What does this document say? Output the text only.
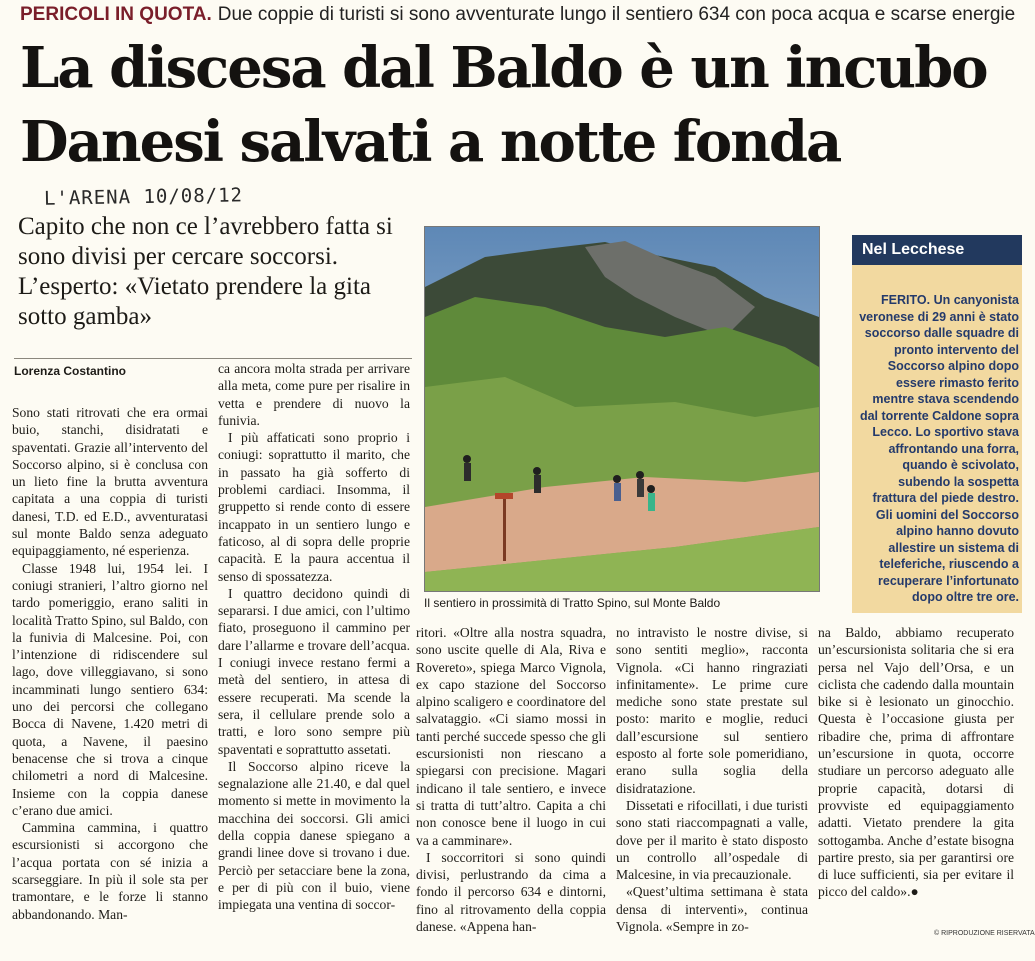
PERICOLI IN QUOTA. Due coppie di turisti si sono avventurate lungo il sentiero 634 con poca acqua e scarse energie
La discesa dal Baldo è un incubo
Danesi salvati a notte fonda
L'ARENA 10/08/12
Capito che non ce l’avrebbero fatta si sono divisi per cercare soccorsi. L’esperto: «Vietato prendere la gita sotto gamba»
Lorenza Costantino

Sono stati ritrovati che era ormai buio, stanchi, disidratati e spaventati. Grazie all’intervento del Soccorso alpino, si è conclusa con un lieto fine la brutta avventura capitata a una coppia di turisti danesi, T.D. ed E.D., avventuratasi sul monte Baldo senza adeguato equipaggiamento, né esperienza.

Classe 1948 lui, 1954 lei. I coniugi stranieri, l’altro giorno nel tardo pomeriggio, erano saliti in località Tratto Spino, sul Baldo, con la funivia di Malcesine. Poi, con l’intenzione di ridiscendere sul lago, dove villeggiavano, si sono incamminati lungo sentiero 634: uno dei percorsi che collegano Bocca di Navene, 1.420 metri di quota, a Navene, il paesino benacense che si trova a cinque chilometri a nord di Malcesine. Insieme con la coppia danese c’erano due amici.

Cammina cammina, i quattro escursionisti si accorgono che l’acqua portata con sé inizia a scarseggiare. In più il sole sta per tramontare, e le forze li stanno abbandonando. Man-

ca ancora molta strada per arrivare alla meta, come pure per risalire in vetta e prendere di nuovo la funivia.

I più affaticati sono proprio i coniugi: soprattutto il marito, che in passato ha già sofferto di problemi cardiaci. Insomma, il gruppetto si rende conto di essere incappato in un sentiero lungo e faticoso, al di sopra delle proprie capacità. E la paura accentua il senso di spossatezza.

I quattro decidono quindi di separarsi. I due amici, con l’ultimo fiato, proseguono il cammino per dare l’allarme e trovare dell’acqua. I coniugi invece restano fermi a metà del sentiero, in attesa di essere recuperati. Ma scende la sera, il cellulare prende solo a tratti, e loro sono sempre più spaventati e soprattutto assetati.

Il Soccorso alpino riceve la segnalazione alle 21.40, e dal quel momento si mette in movimento la macchina dei soccorsi. Gli amici della coppia danese spiegano a grandi linee dove si trovano i due. Perciò per setacciare bene la zona, e per di più con il buio, viene impiegata una ventina di soccor-

Il sentiero in prossimità di Tratto Spino, sul Monte Baldo

ritori. «Oltre alla nostra squadra, sono uscite quelle di Ala, Riva e Rovereto», spiega Marco Vignola, ex capo stazione del Soccorso alpino scaligero e coordinatore del salvataggio. «Ci siamo mossi in tanti perché succede spesso che gli escursionisti non riescano a spiegarsi con precisione. Magari indicano il tale sentiero, e invece si tratta di tutt’altro. Capita a chi non conosce bene il luogo in cui va a camminare».

I soccorritori si sono quindi divisi, perlustrando da cima a fondo il percorso 634 e dintorni, fino al ritrovamento della coppia danese. «Appena han-

no intravisto le nostre divise, si sono sentiti meglio», racconta Vignola. «Ci hanno ringraziati infinitamente». Le prime cure mediche sono state prestate sul posto: marito e moglie, reduci dall’escursione sul sentiero esposto al forte sole pomeridiano, erano sulla soglia della disidratazione.

Dissetati e rifocillati, i due turisti sono stati riaccompagnati a valle, dove per il marito è stato disposto un controllo all’ospedale di Malcesine, in via precauzionale.

«Quest’ultima settimana è stata densa di interventi», continua Vignola. «Sempre in zo-

na Baldo, abbiamo recuperato un’escursionista solitaria che si era persa nel Vajo dell’Orsa, e un ciclista che cadendo dalla mountain bike si è lesionato un ginocchio. Questa è l’occasione giusta per ribadire che, prima di affrontare un’escursione in quota, occorre studiare un percorso adeguato alle proprie capacità, dotarsi di provviste ed equipaggiamento adatti. Vietato prendere la gita sottogamba. Anche d’estate bisogna partire presto, sia per garantirsi ore di luce sufficienti, sia per evitare il picco del caldo».●

Nel Lecchese
FERITO. Un canyonista veronese di 29 anni è stato soccorso dalle squadre di pronto intervento del Soccorso alpino dopo essere rimasto ferito mentre stava scendendo dal torrente Caldone sopra Lecco. Lo sportivo stava affrontando una forra, quando è scivolato, subendo la sospetta frattura del piede destro. Gli uomini del Soccorso alpino hanno dovuto allestire un sistema di teleferiche, riuscendo a recuperare l’infortunato dopo oltre tre ore.
© RIPRODUZIONE RISERVATA
